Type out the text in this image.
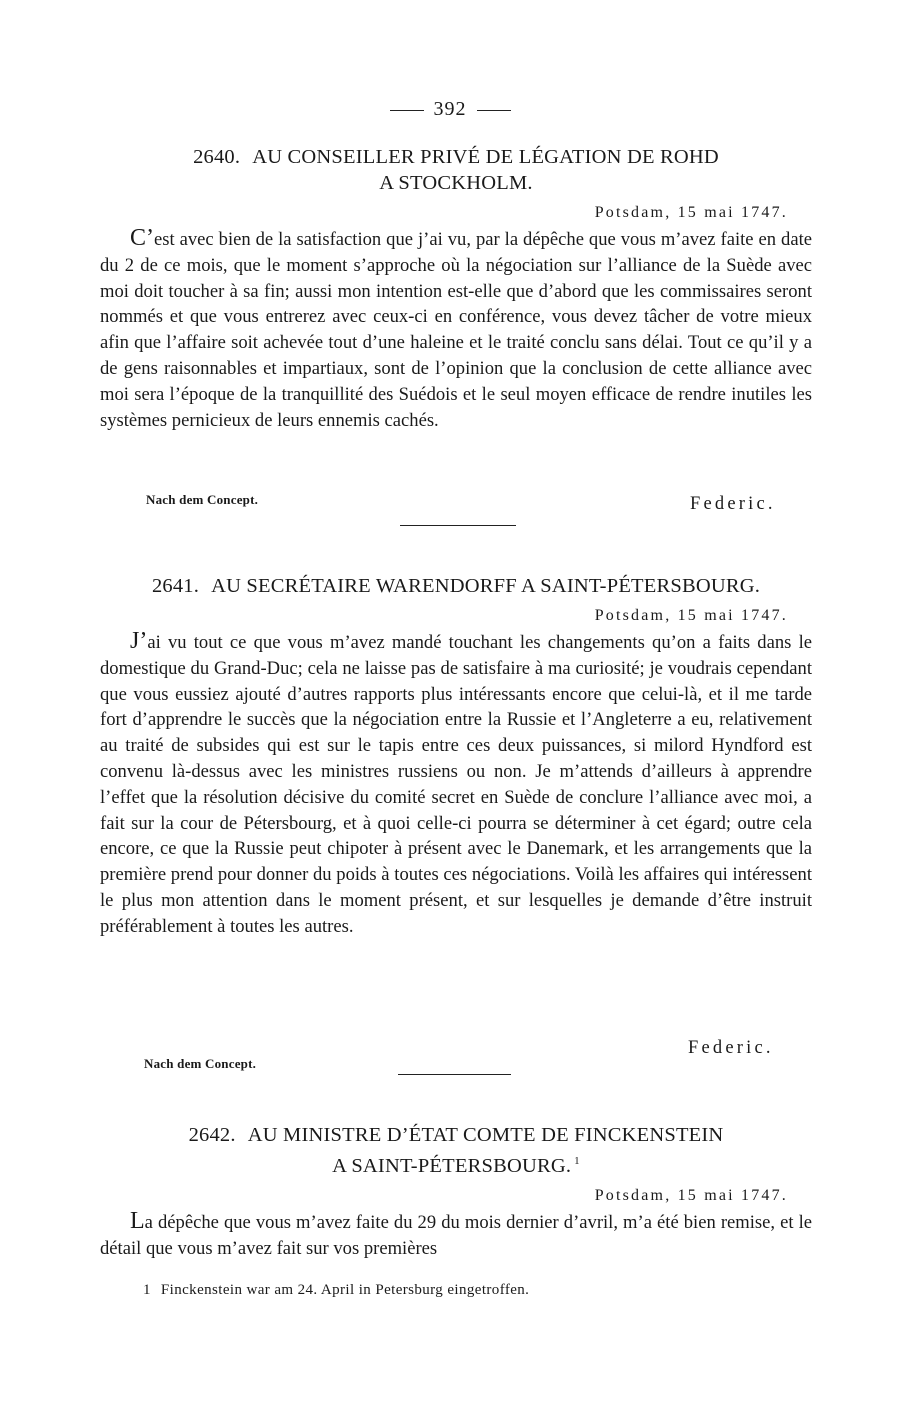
392
2640. AU CONSEILLER PRIVÉ DE LÉGATION DE ROHD
A STOCKHOLM.
Potsdam, 15 mai 1747.
C’est avec bien de la satisfaction que j’ai vu, par la dépêche que vous m’avez faite en date du 2 de ce mois, que le moment s’approche où la négociation sur l’alliance de la Suède avec moi doit toucher à sa fin; aussi mon intention est-elle que d’abord que les commissaires seront nommés et que vous entrerez avec ceux-ci en conférence, vous devez tâcher de votre mieux afin que l’affaire soit achevée tout d’une haleine et le traité conclu sans délai. Tout ce qu’il y a de gens raisonnables et impartiaux, sont de l’opinion que la conclusion de cette alliance avec moi sera l’époque de la tranquillité des Suédois et le seul moyen efficace de rendre inutiles les systèmes pernicieux de leurs ennemis cachés.
Nach dem Concept.	Federic.
2641. AU SECRÉTAIRE WARENDORFF A SAINT-PÉTERSBOURG.
Potsdam, 15 mai 1747.
J’ai vu tout ce que vous m’avez mandé touchant les changements qu’on a faits dans le domestique du Grand-Duc; cela ne laisse pas de satisfaire à ma curiosité; je voudrais cependant que vous eussiez ajouté d’autres rapports plus intéressants encore que celui-là, et il me tarde fort d’apprendre le succès que la négociation entre la Russie et l’Angleterre a eu, relativement au traité de subsides qui est sur le tapis entre ces deux puissances, si milord Hyndford est convenu là-dessus avec les ministres russiens ou non. Je m’attends d’ailleurs à apprendre l’effet que la résolution décisive du comité secret en Suède de conclure l’alliance avec moi, a fait sur la cour de Pétersbourg, et à quoi celle-ci pourra se déterminer à cet égard; outre cela encore, ce que la Russie peut chipoter à présent avec le Danemark, et les arrangements que la première prend pour donner du poids à toutes ces négociations. Voilà les affaires qui intéressent le plus mon attention dans le moment présent, et sur lesquelles je demande d’être instruit préférablement à toutes les autres.
Nach dem Concept.
Federic.
2642. AU MINISTRE D’ÉTAT COMTE DE FINCKENSTEIN
A SAINT-PÉTERSBOURG. $^1$
Potsdam, 15 mai 1747.
La dépêche que vous m’avez faite du 29 du mois dernier d’avril, m’a été bien remise, et le détail que vous m’avez fait sur vos premières
1 Finckenstein war am 24. April in Petersburg eingetroffen.
